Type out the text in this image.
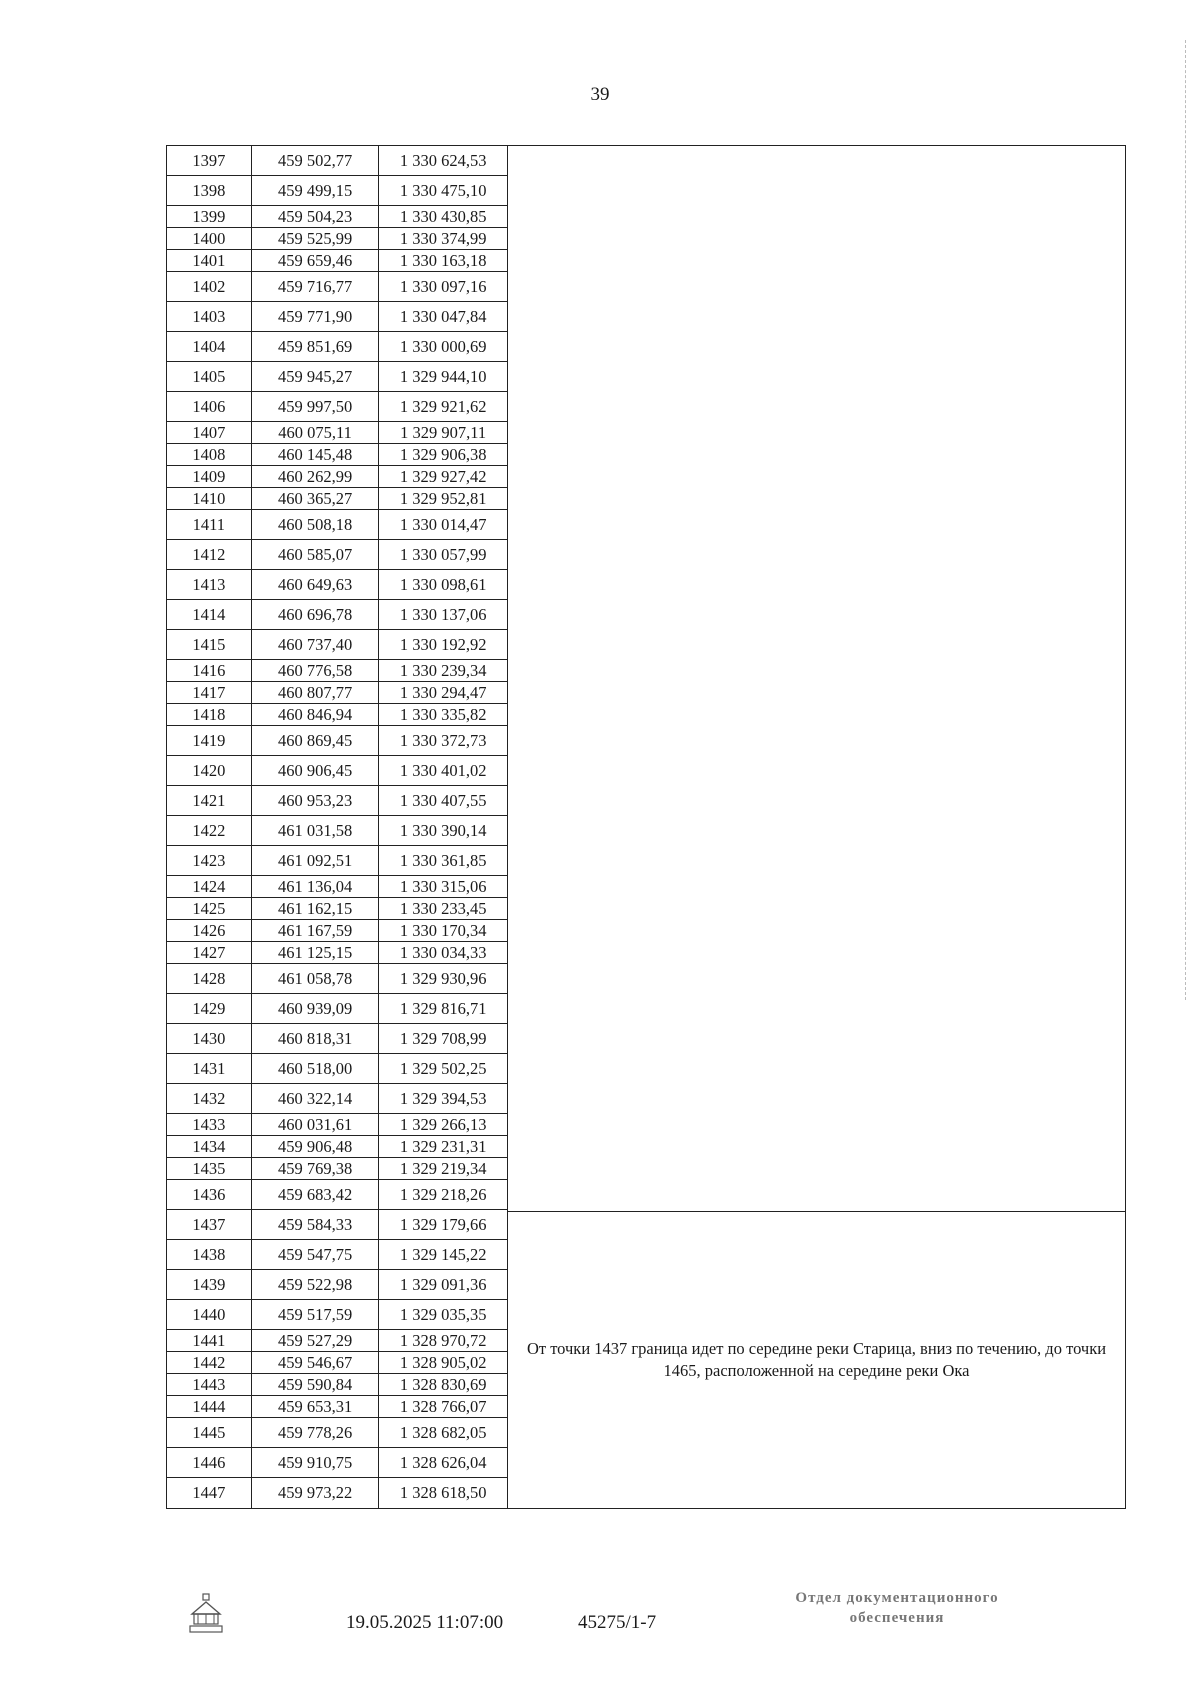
39
1397	459 502,77	1 330 624,53
1398	459 499,15	1 330 475,10
1399	459 504,23	1 330 430,85
1400	459 525,99	1 330 374,99
1401	459 659,46	1 330 163,18
1402	459 716,77	1 330 097,16
1403	459 771,90	1 330 047,84
1404	459 851,69	1 330 000,69
1405	459 945,27	1 329 944,10
1406	459 997,50	1 329 921,62
1407	460 075,11	1 329 907,11
1408	460 145,48	1 329 906,38
1409	460 262,99	1 329 927,42
1410	460 365,27	1 329 952,81
1411	460 508,18	1 330 014,47
1412	460 585,07	1 330 057,99
1413	460 649,63	1 330 098,61
1414	460 696,78	1 330 137,06
1415	460 737,40	1 330 192,92
1416	460 776,58	1 330 239,34
1417	460 807,77	1 330 294,47
1418	460 846,94	1 330 335,82
1419	460 869,45	1 330 372,73
1420	460 906,45	1 330 401,02
1421	460 953,23	1 330 407,55
1422	461 031,58	1 330 390,14
1423	461 092,51	1 330 361,85
1424	461 136,04	1 330 315,06
1425	461 162,15	1 330 233,45
1426	461 167,59	1 330 170,34
1427	461 125,15	1 330 034,33
1428	461 058,78	1 329 930,96
1429	460 939,09	1 329 816,71
1430	460 818,31	1 329 708,99
1431	460 518,00	1 329 502,25
1432	460 322,14	1 329 394,53
1433	460 031,61	1 329 266,13
1434	459 906,48	1 329 231,31
1435	459 769,38	1 329 219,34
1436	459 683,42	1 329 218,26
1437	459 584,33	1 329 179,66
1438	459 547,75	1 329 145,22
1439	459 522,98	1 329 091,36
1440	459 517,59	1 329 035,35
1441	459 527,29	1 328 970,72
1442	459 546,67	1 328 905,02
1443	459 590,84	1 328 830,69
1444	459 653,31	1 328 766,07
1445	459 778,26	1 328 682,05
1446	459 910,75	1 328 626,04
1447	459 973,22	1 328 618,50
От точки 1437 граница идет по середине реки Старица, вниз по течению, до точки 1465, расположенной на середине реки Ока
19.05.2025 11:07:00	45275/1-7
Отдел документационного
обеспечения
